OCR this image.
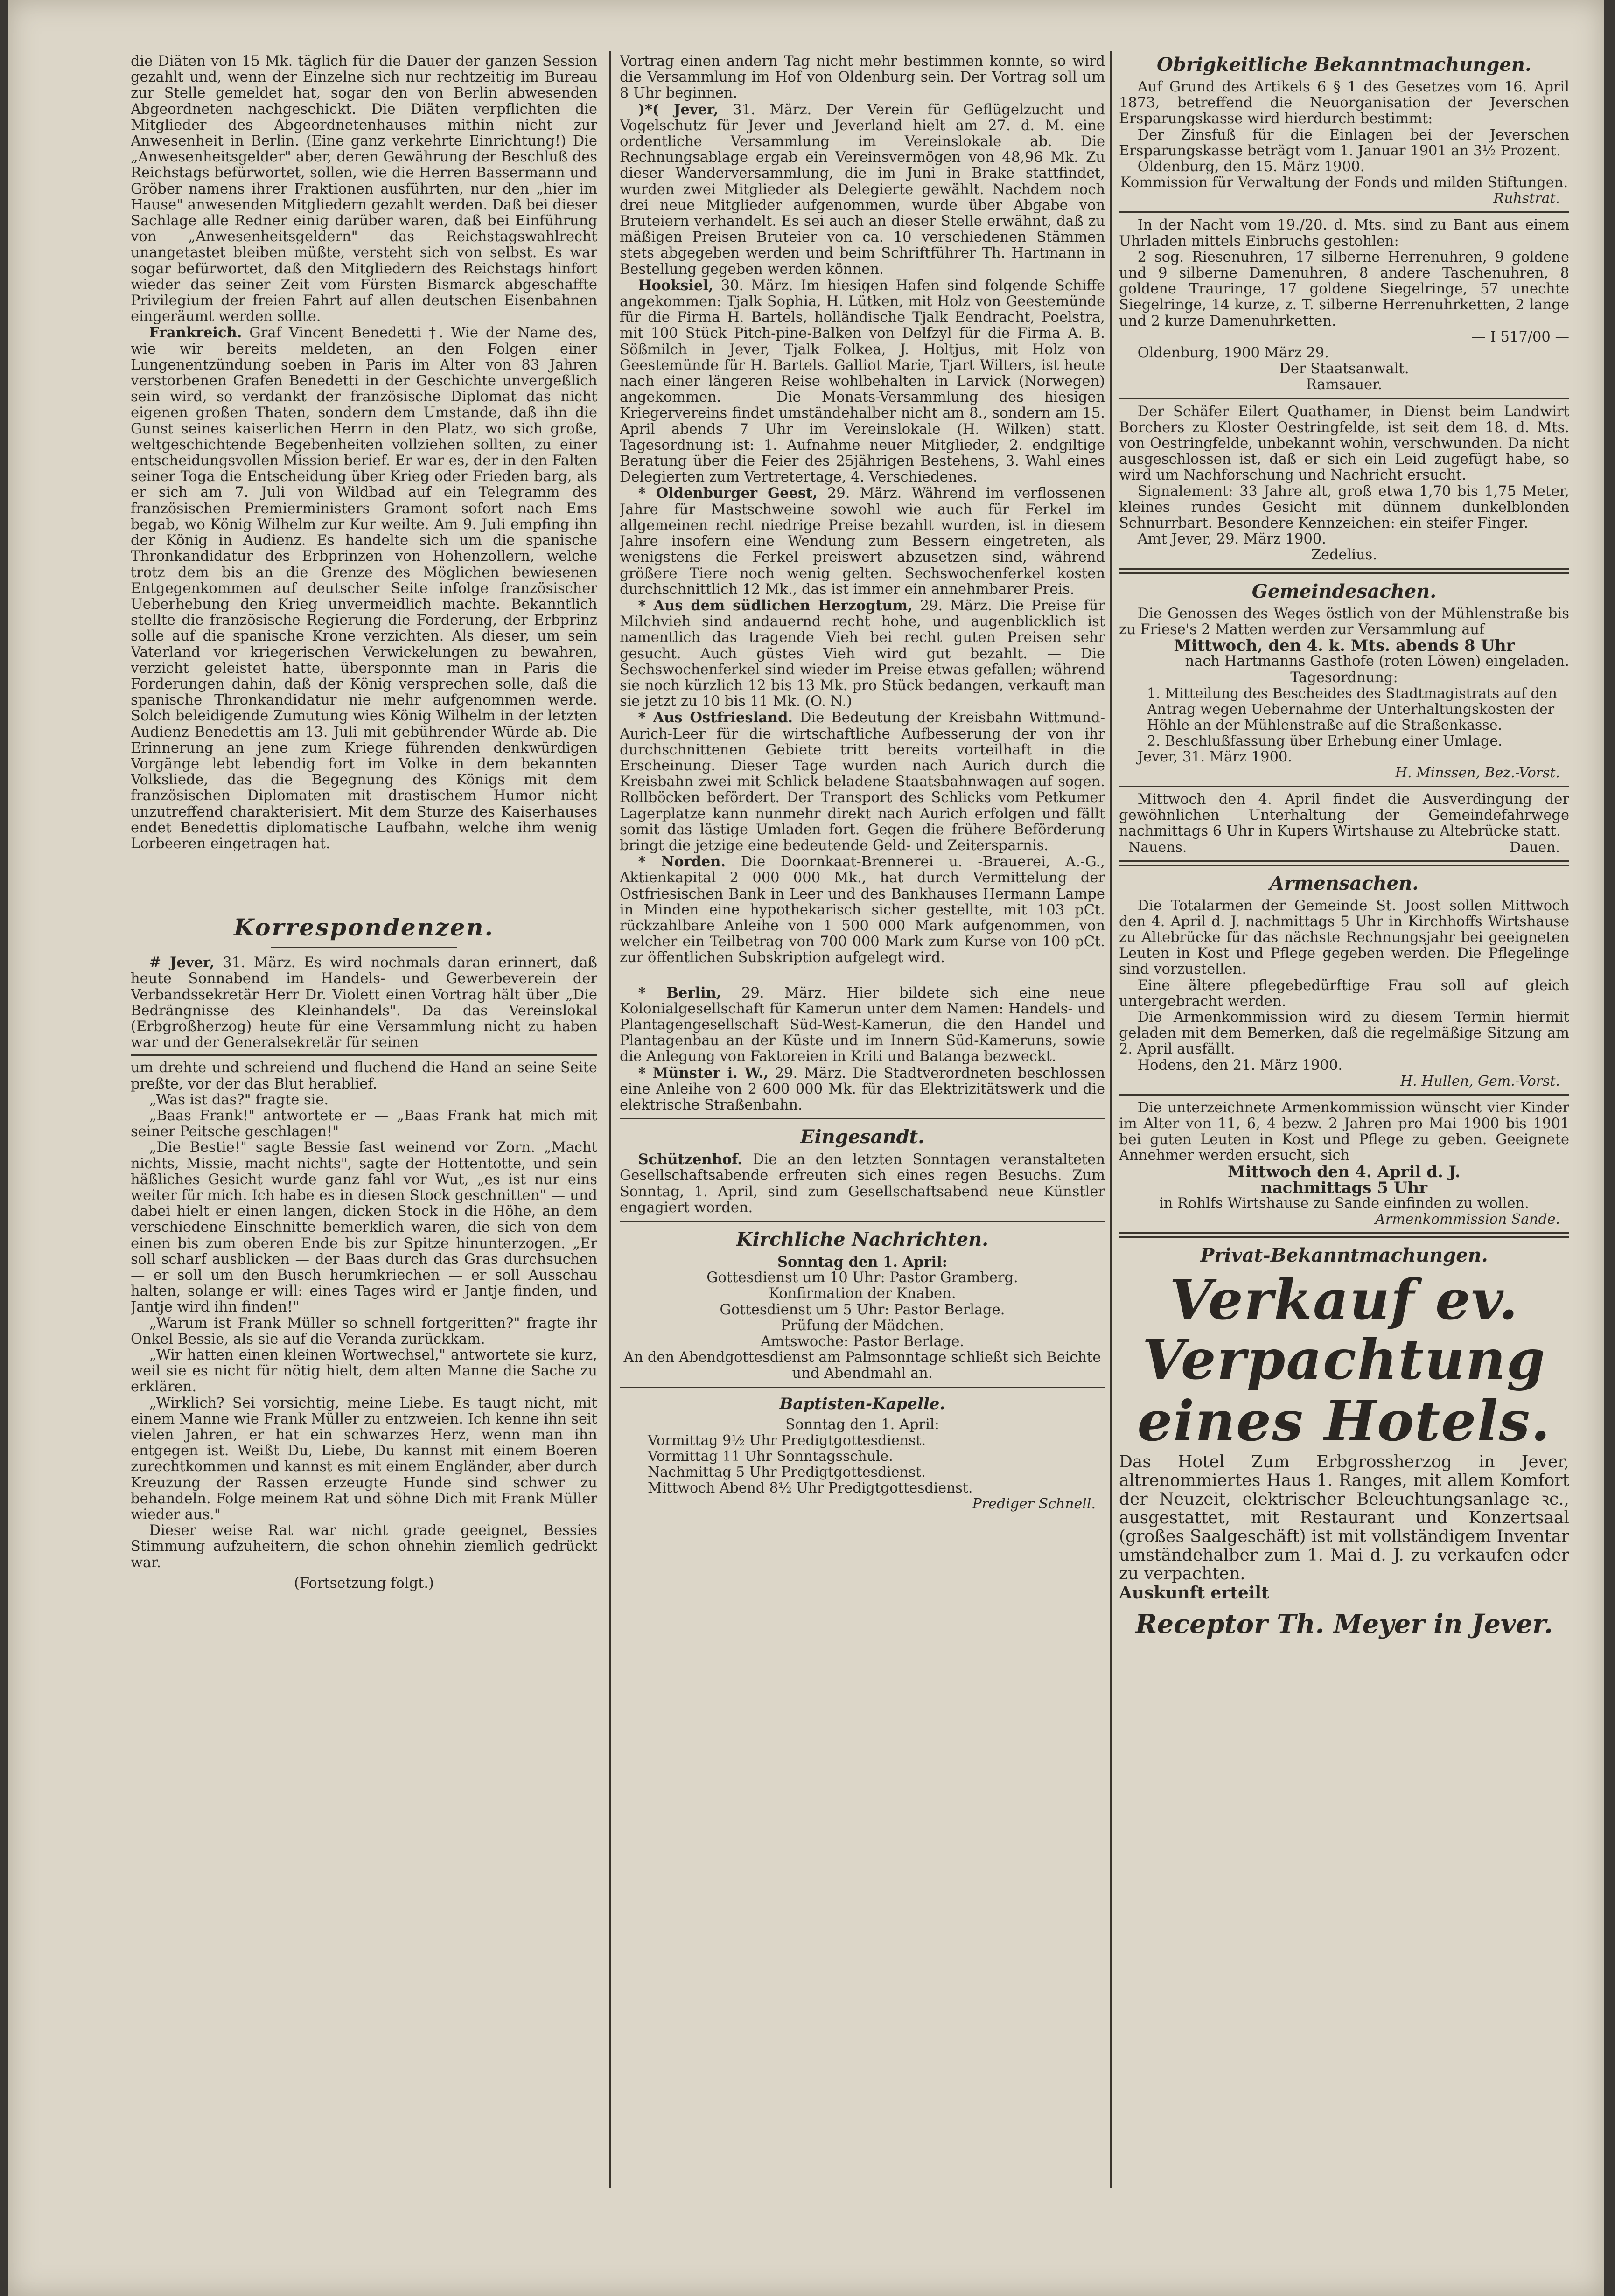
die Diäten von 15 Mk. täglich für die Dauer der ganzen Session gezahlt und, wenn der Einzelne sich nur rechtzeitig im Bureau zur Stelle gemeldet hat, sogar den von Berlin abwesenden Abgeordneten nachgeschickt. Die Diäten verpflichten die Mitglieder des Abgeordnetenhauses mithin nicht zur Anwesenheit in Berlin. (Eine ganz verkehrte Einrichtung!) Die „Anwesenheitsgelder" aber, deren Gewährung der Beschluß des Reichstags befürwortet, sollen, wie die Herren Bassermann und Gröber namens ihrer Fraktionen ausführten, nur den „hier im Hause" anwesenden Mitgliedern gezahlt werden. Daß bei dieser Sachlage alle Redner einig darüber waren, daß bei Einführung von „Anwesenheitsgeldern" das Reichstagswahlrecht unangetastet bleiben müßte, versteht sich von selbst. Es war sogar befürwortet, daß den Mitgliedern des Reichstags hinfort wieder das seiner Zeit vom Fürsten Bismarck abgeschaffte Privilegium der freien Fahrt auf allen deutschen Eisenbahnen eingeräumt werden sollte.

Frankreich. Graf Vincent Benedetti †. Wie der Name des, wie wir bereits meldeten, an den Folgen einer Lungenentzündung soeben in Paris im Alter von 83 Jahren verstorbenen Grafen Benedetti in der Geschichte unvergeßlich sein wird, so verdankt der französische Diplomat das nicht eigenen großen Thaten, sondern dem Umstande, daß ihn die Gunst seines kaiserlichen Herrn in den Platz, wo sich große, weltgeschichtende Begebenheiten vollziehen sollten, zu einer entscheidungsvollen Mission berief. Er war es, der in den Falten seiner Toga die Entscheidung über Krieg oder Frieden barg, als er sich am 7. Juli von Wildbad auf ein Telegramm des französischen Premierministers Gramont sofort nach Ems begab, wo König Wilhelm zur Kur weilte. Am 9. Juli empfing ihn der König in Audienz. Es handelte sich um die spanische Thronkandidatur des Erbprinzen von Hohenzollern, welche trotz dem bis an die Grenze des Möglichen bewiesenen Entgegenkommen auf deutscher Seite infolge französischer Ueberhebung den Krieg unvermeidlich machte. Bekanntlich stellte die französische Regierung die Forderung, der Erbprinz solle auf die spanische Krone verzichten. Als dieser, um sein Vaterland vor kriegerischen Verwickelungen zu bewahren, verzicht geleistet hatte, übersponnte man in Paris die Forderungen dahin, daß der König versprechen solle, daß die spanische Thronkandidatur nie mehr aufgenommen werde. Solch beleidigende Zumutung wies König Wilhelm in der letzten Audienz Benedettis am 13. Juli mit gebührender Würde ab. Die Erinnerung an jene zum Kriege führenden denkwürdigen Vorgänge lebt lebendig fort im Volke in dem bekannten Volksliede, das die Begegnung des Königs mit dem französischen Diplomaten mit drastischem Humor nicht unzutreffend charakterisiert. Mit dem Sturze des Kaiserhauses endet Benedettis diplomatische Laufbahn, welche ihm wenig Lorbeeren eingetragen hat.

Korrespondenzen.

# Jever, 31. März. Es wird nochmals daran erinnert, daß heute Sonnabend im Handels- und Gewerbeverein der Verbandssekretär Herr Dr. Violett einen Vortrag hält über „Die Bedrängnisse des Kleinhandels". Da das Vereinslokal (Erbgroßherzog) heute für eine Versammlung nicht zu haben war und der Generalsekretär für seinen

um drehte und schreiend und fluchend die Hand an seine Seite preßte, vor der das Blut herablief.

„Was ist das?" fragte sie.

„Baas Frank!" antwortete er — „Baas Frank hat mich mit seiner Peitsche geschlagen!"

„Die Bestie!" sagte Bessie fast weinend vor Zorn. „Macht nichts, Missie, macht nichts", sagte der Hottentotte, und sein häßliches Gesicht wurde ganz fahl vor Wut, „es ist nur eins weiter für mich. Ich habe es in diesen Stock geschnitten" — und dabei hielt er einen langen, dicken Stock in die Höhe, an dem verschiedene Einschnitte bemerklich waren, die sich von dem einen bis zum oberen Ende bis zur Spitze hinunterzogen. „Er soll scharf ausblicken — der Baas durch das Gras durchsuchen — er soll um den Busch herumkriechen — er soll Ausschau halten, solange er will: eines Tages wird er Jantje finden, und Jantje wird ihn finden!"

„Warum ist Frank Müller so schnell fortgeritten?" fragte ihr Onkel Bessie, als sie auf die Veranda zurückkam.

„Wir hatten einen kleinen Wortwechsel," antwortete sie kurz, weil sie es nicht für nötig hielt, dem alten Manne die Sache zu erklären.

„Wirklich? Sei vorsichtig, meine Liebe. Es taugt nicht, mit einem Manne wie Frank Müller zu entzweien. Ich kenne ihn seit vielen Jahren, er hat ein schwarzes Herz, wenn man ihn entgegen ist. Weißt Du, Liebe, Du kannst mit einem Boeren zurechtkommen und kannst es mit einem Engländer, aber durch Kreuzung der Rassen erzeugte Hunde sind schwer zu behandeln. Folge meinem Rat und söhne Dich mit Frank Müller wieder aus."

Dieser weise Rat war nicht grade geeignet, Bessies Stimmung aufzuheitern, die schon ohnehin ziemlich gedrückt war.

(Fortsetzung folgt.)

Vortrag einen andern Tag nicht mehr bestimmen konnte, so wird die Versammlung im Hof von Oldenburg sein. Der Vortrag soll um 8 Uhr beginnen.

)*( Jever, 31. März. Der Verein für Geflügelzucht und Vogelschutz für Jever und Jeverland hielt am 27. d. M. eine ordentliche Versammlung im Vereinslokale ab. Die Rechnungsablage ergab ein Vereinsvermögen von 48,96 Mk. Zu dieser Wanderversammlung, die im Juni in Brake stattfindet, wurden zwei Mitglieder als Delegierte gewählt. Nachdem noch drei neue Mitglieder aufgenommen, wurde über Abgabe von Bruteiern verhandelt. Es sei auch an dieser Stelle erwähnt, daß zu mäßigen Preisen Bruteier von ca. 10 verschiedenen Stämmen stets abgegeben werden und beim Schriftführer Th. Hartmann in Bestellung gegeben werden können.

Hooksiel, 30. März. Im hiesigen Hafen sind folgende Schiffe angekommen: Tjalk Sophia, H. Lütken, mit Holz von Geestemünde für die Firma H. Bartels, holländische Tjalk Eendracht, Poelstra, mit 100 Stück Pitch-pine-Balken von Delfzyl für die Firma A. B. Sößmilch in Jever, Tjalk Folkea, J. Holtjus, mit Holz von Geestemünde für H. Bartels. Galliot Marie, Tjart Wilters, ist heute nach einer längeren Reise wohlbehalten in Larvick (Norwegen) angekommen. — Die Monats-Versammlung des hiesigen Kriegervereins findet umständehalber nicht am 8., sondern am 15. April abends 7 Uhr im Vereinslokale (H. Wilken) statt. Tagesordnung ist: 1. Aufnahme neuer Mitglieder, 2. endgiltige Beratung über die Feier des 25jährigen Bestehens, 3. Wahl eines Delegierten zum Vertretertage, 4. Verschiedenes.

* Oldenburger Geest, 29. März. Während im verflossenen Jahre für Mastschweine sowohl wie auch für Ferkel im allgemeinen recht niedrige Preise bezahlt wurden, ist in diesem Jahre insofern eine Wendung zum Bessern eingetreten, als wenigstens die Ferkel preiswert abzusetzen sind, während größere Tiere noch wenig gelten. Sechswochenferkel kosten durchschnittlich 12 Mk., das ist immer ein annehmbarer Preis.

* Aus dem südlichen Herzogtum, 29. März. Die Preise für Milchvieh sind andauernd recht hohe, und augenblicklich ist namentlich das tragende Vieh bei recht guten Preisen sehr gesucht. Auch güstes Vieh wird gut bezahlt. — Die Sechswochenferkel sind wieder im Preise etwas gefallen; während sie noch kürzlich 12 bis 13 Mk. pro Stück bedangen, verkauft man sie jetzt zu 10 bis 11 Mk. (O. N.)

* Aus Ostfriesland. Die Bedeutung der Kreisbahn Wittmund-Aurich-Leer für die wirtschaftliche Aufbesserung der von ihr durchschnittenen Gebiete tritt bereits vorteilhaft in die Erscheinung. Dieser Tage wurden nach Aurich durch die Kreisbahn zwei mit Schlick beladene Staatsbahnwagen auf sogen. Rollböcken befördert. Der Transport des Schlicks vom Petkumer Lagerplatze kann nunmehr direkt nach Aurich erfolgen und fällt somit das lästige Umladen fort. Gegen die frühere Beförderung bringt die jetzige eine bedeutende Geld- und Zeitersparnis.

* Norden. Die Doornkaat-Brennerei u. -Brauerei, A.-G., Aktienkapital 2 000 000 Mk., hat durch Vermittelung der Ostfriesischen Bank in Leer und des Bankhauses Hermann Lampe in Minden eine hypothekarisch sicher gestellte, mit 103 pCt. rückzahlbare Anleihe von 1 500 000 Mark aufgenommen, von welcher ein Teilbetrag von 700 000 Mark zum Kurse von 100 pCt. zur öffentlichen Subskription aufgelegt wird.

* Berlin, 29. März. Hier bildete sich eine neue Kolonialgesellschaft für Kamerun unter dem Namen: Handels- und Plantagengesellschaft Süd-West-Kamerun, die den Handel und Plantagenbau an der Küste und im Innern Süd-Kameruns, sowie die Anlegung von Faktoreien in Kriti und Batanga bezweckt.

* Münster i. W., 29. März. Die Stadtverordneten beschlossen eine Anleihe von 2 600 000 Mk. für das Elektrizitätswerk und die elektrische Straßenbahn.

Eingesandt.

Schützenhof. Die an den letzten Sonntagen veranstalteten Gesellschaftsabende erfreuten sich eines regen Besuchs. Zum Sonntag, 1. April, sind zum Gesellschaftsabend neue Künstler engagiert worden.

Kirchliche Nachrichten.

Sonntag den 1. April:

Gottesdienst um 10 Uhr: Pastor Gramberg.

Konfirmation der Knaben.

Gottesdienst um 5 Uhr: Pastor Berlage.

Prüfung der Mädchen.

Amtswoche: Pastor Berlage.

An den Abendgottesdienst am Palmsonntage schließt sich Beichte und Abendmahl an.

Baptisten-Kapelle.

Sonntag den 1. April:

Vormittag 9½ Uhr Predigtgottesdienst.

Vormittag 11 Uhr Sonntagsschule.

Nachmittag 5 Uhr Predigtgottesdienst.

Mittwoch Abend 8½ Uhr Predigtgottesdienst.

Prediger Schnell.

Obrigkeitliche Bekanntmachungen.

Auf Grund des Artikels 6 § 1 des Gesetzes vom 16. April 1873, betreffend die Neuorganisation der Jeverschen Ersparungskasse wird hierdurch bestimmt:

Der Zinsfuß für die Einlagen bei der Jeverschen Ersparungskasse beträgt vom 1. Januar 1901 an 3½ Prozent.

Oldenburg, den 15. März 1900.

Kommission für Verwaltung der Fonds und milden Stiftungen.

Ruhstrat.

In der Nacht vom 19./20. d. Mts. sind zu Bant aus einem Uhrladen mittels Einbruchs gestohlen:

2 sog. Riesenuhren, 17 silberne Herrenuhren, 9 goldene und 9 silberne Damenuhren, 8 andere Taschenuhren, 8 goldene Trauringe, 17 goldene Siegelringe, 57 unechte Siegelringe, 14 kurze, z. T. silberne Herrenuhrketten, 2 lange und 2 kurze Damenuhrketten.

— I 517/00 —

Oldenburg, 1900 März 29.

Der Staatsanwalt.

Ramsauer.

Der Schäfer Eilert Quathamer, in Dienst beim Landwirt Borchers zu Kloster Oestringfelde, ist seit dem 18. d. Mts. von Oestringfelde, unbekannt wohin, verschwunden. Da nicht ausgeschlossen ist, daß er sich ein Leid zugefügt habe, so wird um Nachforschung und Nachricht ersucht.

Signalement: 33 Jahre alt, groß etwa 1,70 bis 1,75 Meter, kleines rundes Gesicht mit dünnem dunkelblonden Schnurrbart. Besondere Kennzeichen: ein steifer Finger.

Amt Jever, 29. März 1900.

Zedelius.

Gemeindesachen.

Die Genossen des Weges östlich von der Mühlenstraße bis zu Friese's 2 Matten werden zur Versammlung auf

Mittwoch, den 4. k. Mts. abends 8 Uhr

nach Hartmanns Gasthofe (roten Löwen) eingeladen.

Tagesordnung:

1. Mitteilung des Bescheides des Stadtmagistrats auf den Antrag wegen Uebernahme der Unterhaltungskosten der Höhle an der Mühlenstraße auf die Straßenkasse.

2. Beschlußfassung über Erhebung einer Umlage.

Jever, 31. März 1900.

H. Minssen, Bez.-Vorst.

Mittwoch den 4. April findet die Ausverdingung der gewöhnlichen Unterhaltung der Gemeindefahrwege nachmittags 6 Uhr in Kupers Wirtshause zu Altebrücke statt.

Nauens.	Dauen.
Armensachen.

Die Totalarmen der Gemeinde St. Joost sollen Mittwoch den 4. April d. J. nachmittags 5 Uhr in Kirchhoffs Wirtshause zu Altebrücke für das nächste Rechnungsjahr bei geeigneten Leuten in Kost und Pflege gegeben werden. Die Pflegelinge sind vorzustellen.

Eine ältere pflegebedürftige Frau soll auf gleich untergebracht werden.

Die Armenkommission wird zu diesem Termin hiermit geladen mit dem Bemerken, daß die regelmäßige Sitzung am 2. April ausfällt.

Hodens, den 21. März 1900.

H. Hullen, Gem.-Vorst.

Die unterzeichnete Armenkommission wünscht vier Kinder im Alter von 11, 6, 4 bezw. 2 Jahren pro Mai 1900 bis 1901 bei guten Leuten in Kost und Pflege zu geben. Geeignete Annehmer werden ersucht, sich

Mittwoch den 4. April d. J.

nachmittags 5 Uhr

in Rohlfs Wirtshause zu Sande einfinden zu wollen.

Armenkommission Sande.

Privat-Bekanntmachungen.
Verkauf ev. Verpachtung
eines Hotels.

Das Hotel Zum Erbgrossherzog in Jever, altrenommiertes Haus 1. Ranges, mit allem Komfort der Neuzeit, elektrischer Beleuchtungsanlage ꝛc., ausgestattet, mit Restaurant und Konzertsaal (großes Saalgeschäft) ist mit vollständigem Inventar umständehalber zum 1. Mai d. J. zu verkaufen oder zu verpachten.

Auskunft erteilt

Receptor Th. Meyer in Jever.
